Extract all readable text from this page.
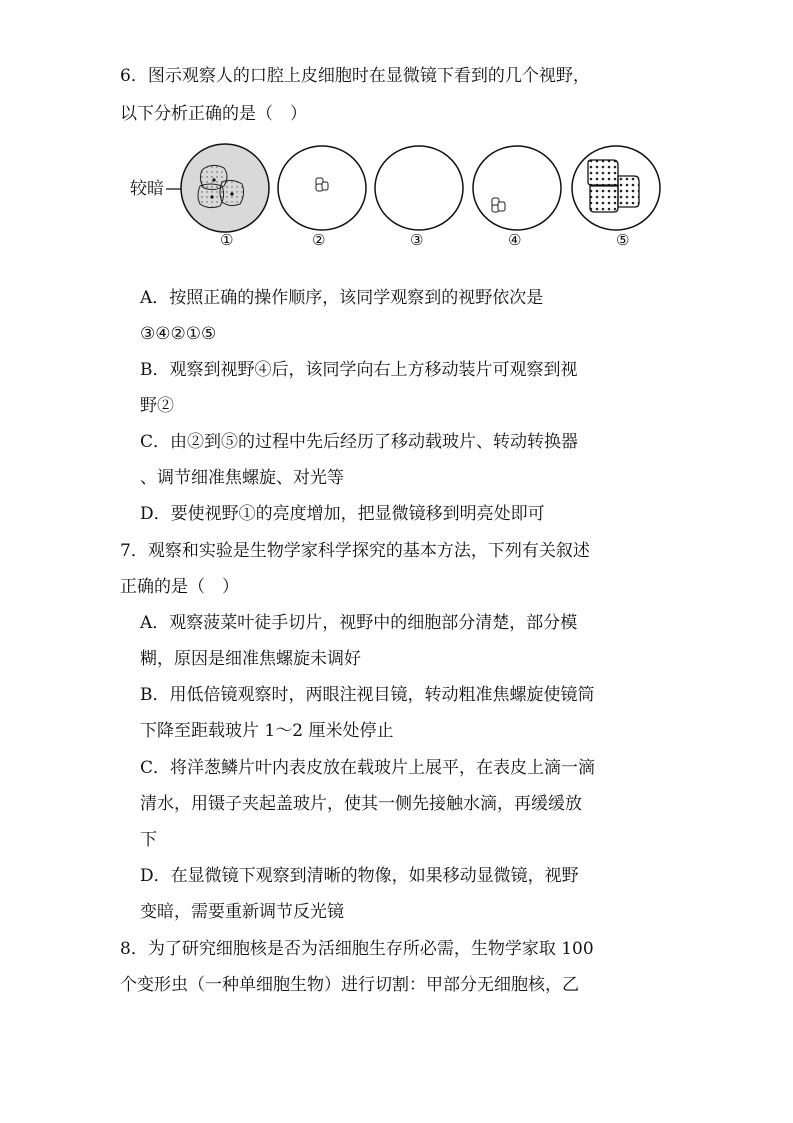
6．图示观察人的口腔上皮细胞时在显微镜下看到的几个视野，
以下分析正确的是（　）
较暗
①	②	③	④	⑤
A．按照正确的操作顺序，该同学观察到的视野依次是
③④②①⑤
B．观察到视野④后，该同学向右上方移动装片可观察到视
野②
C．由②到⑤的过程中先后经历了移动载玻片、转动转换器
、调节细准焦螺旋、对光等
D．要使视野①的亮度增加，把显微镜移到明亮处即可
7．观察和实验是生物学家科学探究的基本方法，下列有关叙述
正确的是（　）
A．观察菠菜叶徒手切片，视野中的细胞部分清楚，部分模
糊，原因是细准焦螺旋未调好
B．用低倍镜观察时，两眼注视目镜，转动粗准焦螺旋使镜筒
下降至距载玻片 1～2 厘米处停止
C．将洋葱鳞片叶内表皮放在载玻片上展平，在表皮上滴一滴
清水，用镊子夹起盖玻片，使其一侧先接触水滴，再缓缓放
下
D．在显微镜下观察到清晰的物像，如果移动显微镜，视野
变暗，需要重新调节反光镜
8．为了研究细胞核是否为活细胞生存所必需，生物学家取 100
个变形虫（一种单细胞生物）进行切割：甲部分无细胞核，乙
